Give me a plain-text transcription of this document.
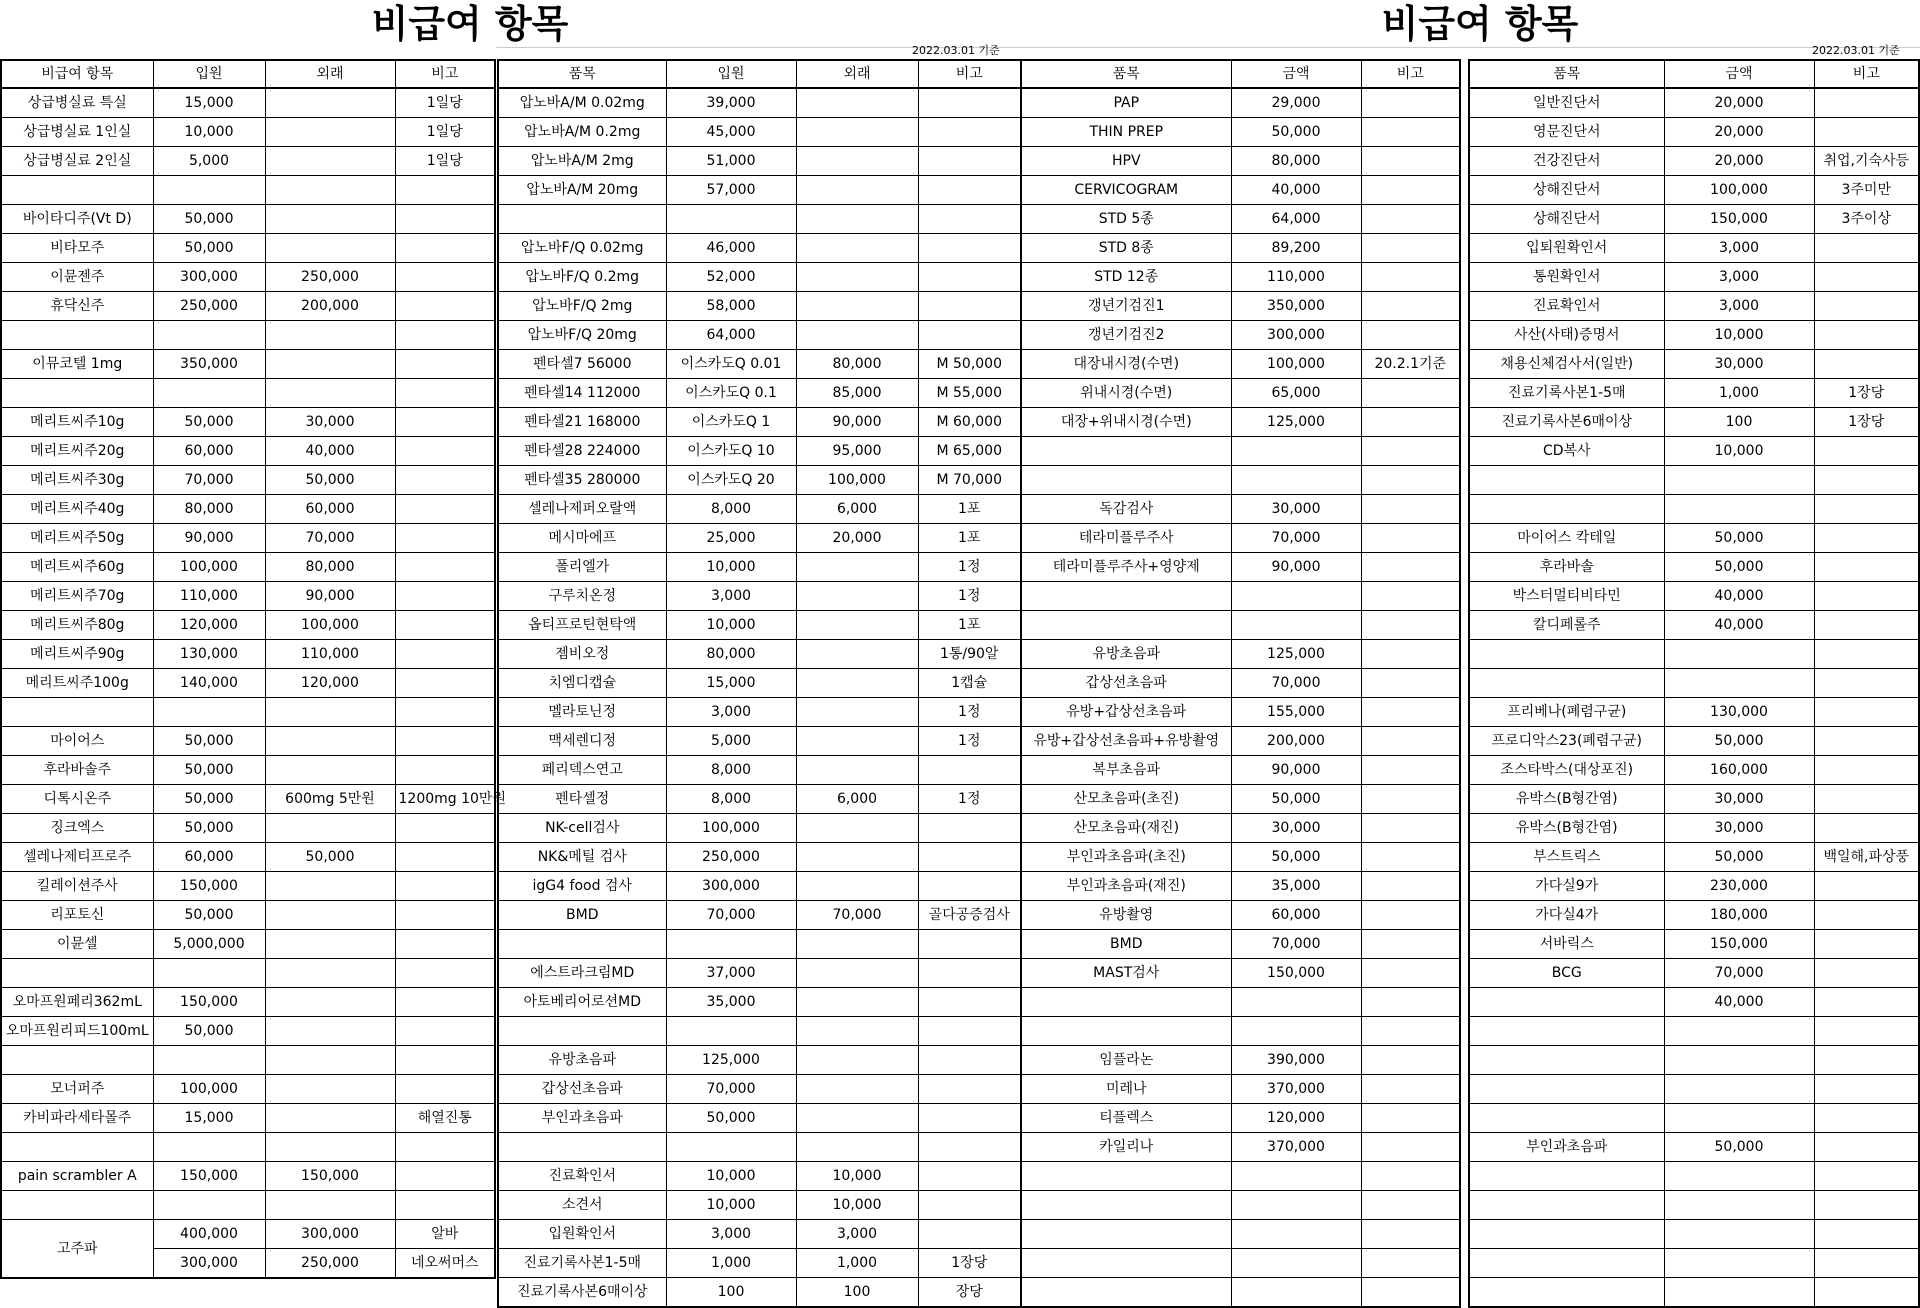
비급여 항목	비급여 항목
2022.03.01 기준	2022.03.01 기준
비급여 항목	입원	외래	비고
상급병실료 특실	15,000		1일당
상급병실료 1인실	10,000		1일당
상급병실료 2인실	5,000		1일당

바이타디주(Vt D)	50,000		
비타모주	50,000		
이뮨젠주	300,000	250,000	
휴닥신주	250,000	200,000	

이뮤코텔 1mg	350,000		

메리트씨주10g	50,000	30,000	
메리트씨주20g	60,000	40,000	
메리트씨주30g	70,000	50,000	
메리트씨주40g	80,000	60,000	
메리트씨주50g	90,000	70,000	
메리트씨주60g	100,000	80,000	
메리트씨주70g	110,000	90,000	
메리트씨주80g	120,000	100,000	
메리트씨주90g	130,000	110,000	
메리트씨주100g	140,000	120,000	

마이어스	50,000		
후라바솔주	50,000		
디톡시온주	50,000	600mg 5만원	1200mg 10만원
징크엑스	50,000		
셀레나제티프로주	60,000	50,000	
킬레이션주사	150,000		
리포토신	50,000		
이뮨셀	5,000,000		

오마프원페리362mL	150,000		
오마프원리피드100mL	50,000		

모너퍼주	100,000		
카비파라세타몰주	15,000		해열진통

pain scrambler A	150,000	150,000	

고주파	400,000	300,000	알바
	300,000	250,000	네오써머스
품목	입원	외래	비고
압노바A/M 0.02mg	39,000		
압노바A/M 0.2mg	45,000		
압노바A/M 2mg	51,000		
압노바A/M 20mg	57,000		

압노바F/Q 0.02mg	46,000		
압노바F/Q 0.2mg	52,000		
압노바F/Q 2mg	58,000		
압노바F/Q 20mg	64,000		
펜타셀7 56000	이스카도Q 0.01	80,000	M 50,000
펜타셀14 112000	이스카도Q 0.1	85,000	M 55,000
펜타셀21 168000	이스카도Q 1	90,000	M 60,000
펜타셀28 224000	이스카도Q 10	95,000	M 65,000
펜타셀35 280000	이스카도Q 20	100,000	M 70,000
셀레나제퍼오랄액	8,000	6,000	1포
메시마에프	25,000	20,000	1포
폴리엘가	10,000		1정
구루치온정	3,000		1정
옵티프로틴현탁액	10,000		1포
젬비오정	80,000		1통/90알
치엠디캡슐	15,000		1캡슐
멜라토닌정	3,000		1정
맥세렌디정	5,000		1정
페리덱스연고	8,000		
펜타셀정	8,000	6,000	1정
NK-cell검사	100,000		
NK&메틸 검사	250,000		
igG4 food 검사	300,000		
BMD	70,000	70,000	골다공증검사

에스트라크림MD	37,000		
아토베리어로션MD	35,000		

유방초음파	125,000		
갑상선초음파	70,000		
부인과초음파	50,000		

진료확인서	10,000	10,000	
소견서	10,000	10,000	
입원확인서	3,000	3,000	
진료기록사본1-5매	1,000	1,000	1장당
진료기록사본6매이상	100	100	장당
품목	금액	비고
PAP	29,000	
THIN PREP	50,000	
HPV	80,000	
CERVICOGRAM	40,000	
STD 5종	64,000	
STD 8종	89,200	
STD 12종	110,000	
갱년기검진1	350,000	
갱년기검진2	300,000	
대장내시경(수면)	100,000	20.2.1기준
위내시경(수면)	65,000	
대장+위내시경(수면)	125,000	

독감검사	30,000	
테라미플루주사	70,000	
테라미플루주사+영양제	90,000	

유방초음파	125,000	
갑상선초음파	70,000	
유방+갑상선초음파	155,000	
유방+갑상선초음파+유방촬영	200,000	
복부초음파	90,000	
산모초음파(초진)	50,000	
산모초음파(재진)	30,000	
부인과초음파(초진)	50,000	
부인과초음파(재진)	35,000	
유방촬영	60,000	
BMD	70,000	
MAST검사	150,000	

임플라논	390,000	
미레나	370,000	
티플렉스	120,000	
카일리나	370,000	

품목	금액	비고
일반진단서	20,000	
영문진단서	20,000	
건강진단서	20,000	취업,기숙사등
상해진단서	100,000	3주미만
상해진단서	150,000	3주이상
입퇴원확인서	3,000	
통원확인서	3,000	
진료확인서	3,000	
사산(사태)증명서	10,000	
채용신체검사서(일반)	30,000	
진료기록사본1-5매	1,000	1장당
진료기록사본6매이상	100	1장당
CD복사	10,000	

마이어스 칵테일	50,000	
후라바솔	50,000	
박스터멀티비타민	40,000	
칼디페롤주	40,000	

프리베나(폐렴구균)	130,000	
프로디악스23(폐렴구균)	50,000	
조스타박스(대상포진)	160,000	
유박스(B형간염)	30,000	
유박스(B형간염)	30,000	
부스트릭스	50,000	백일해,파상풍
가다실9가	230,000	
가다실4가	180,000	
서바릭스	150,000	
BCG	70,000	
	40,000	

부인과초음파	50,000	
